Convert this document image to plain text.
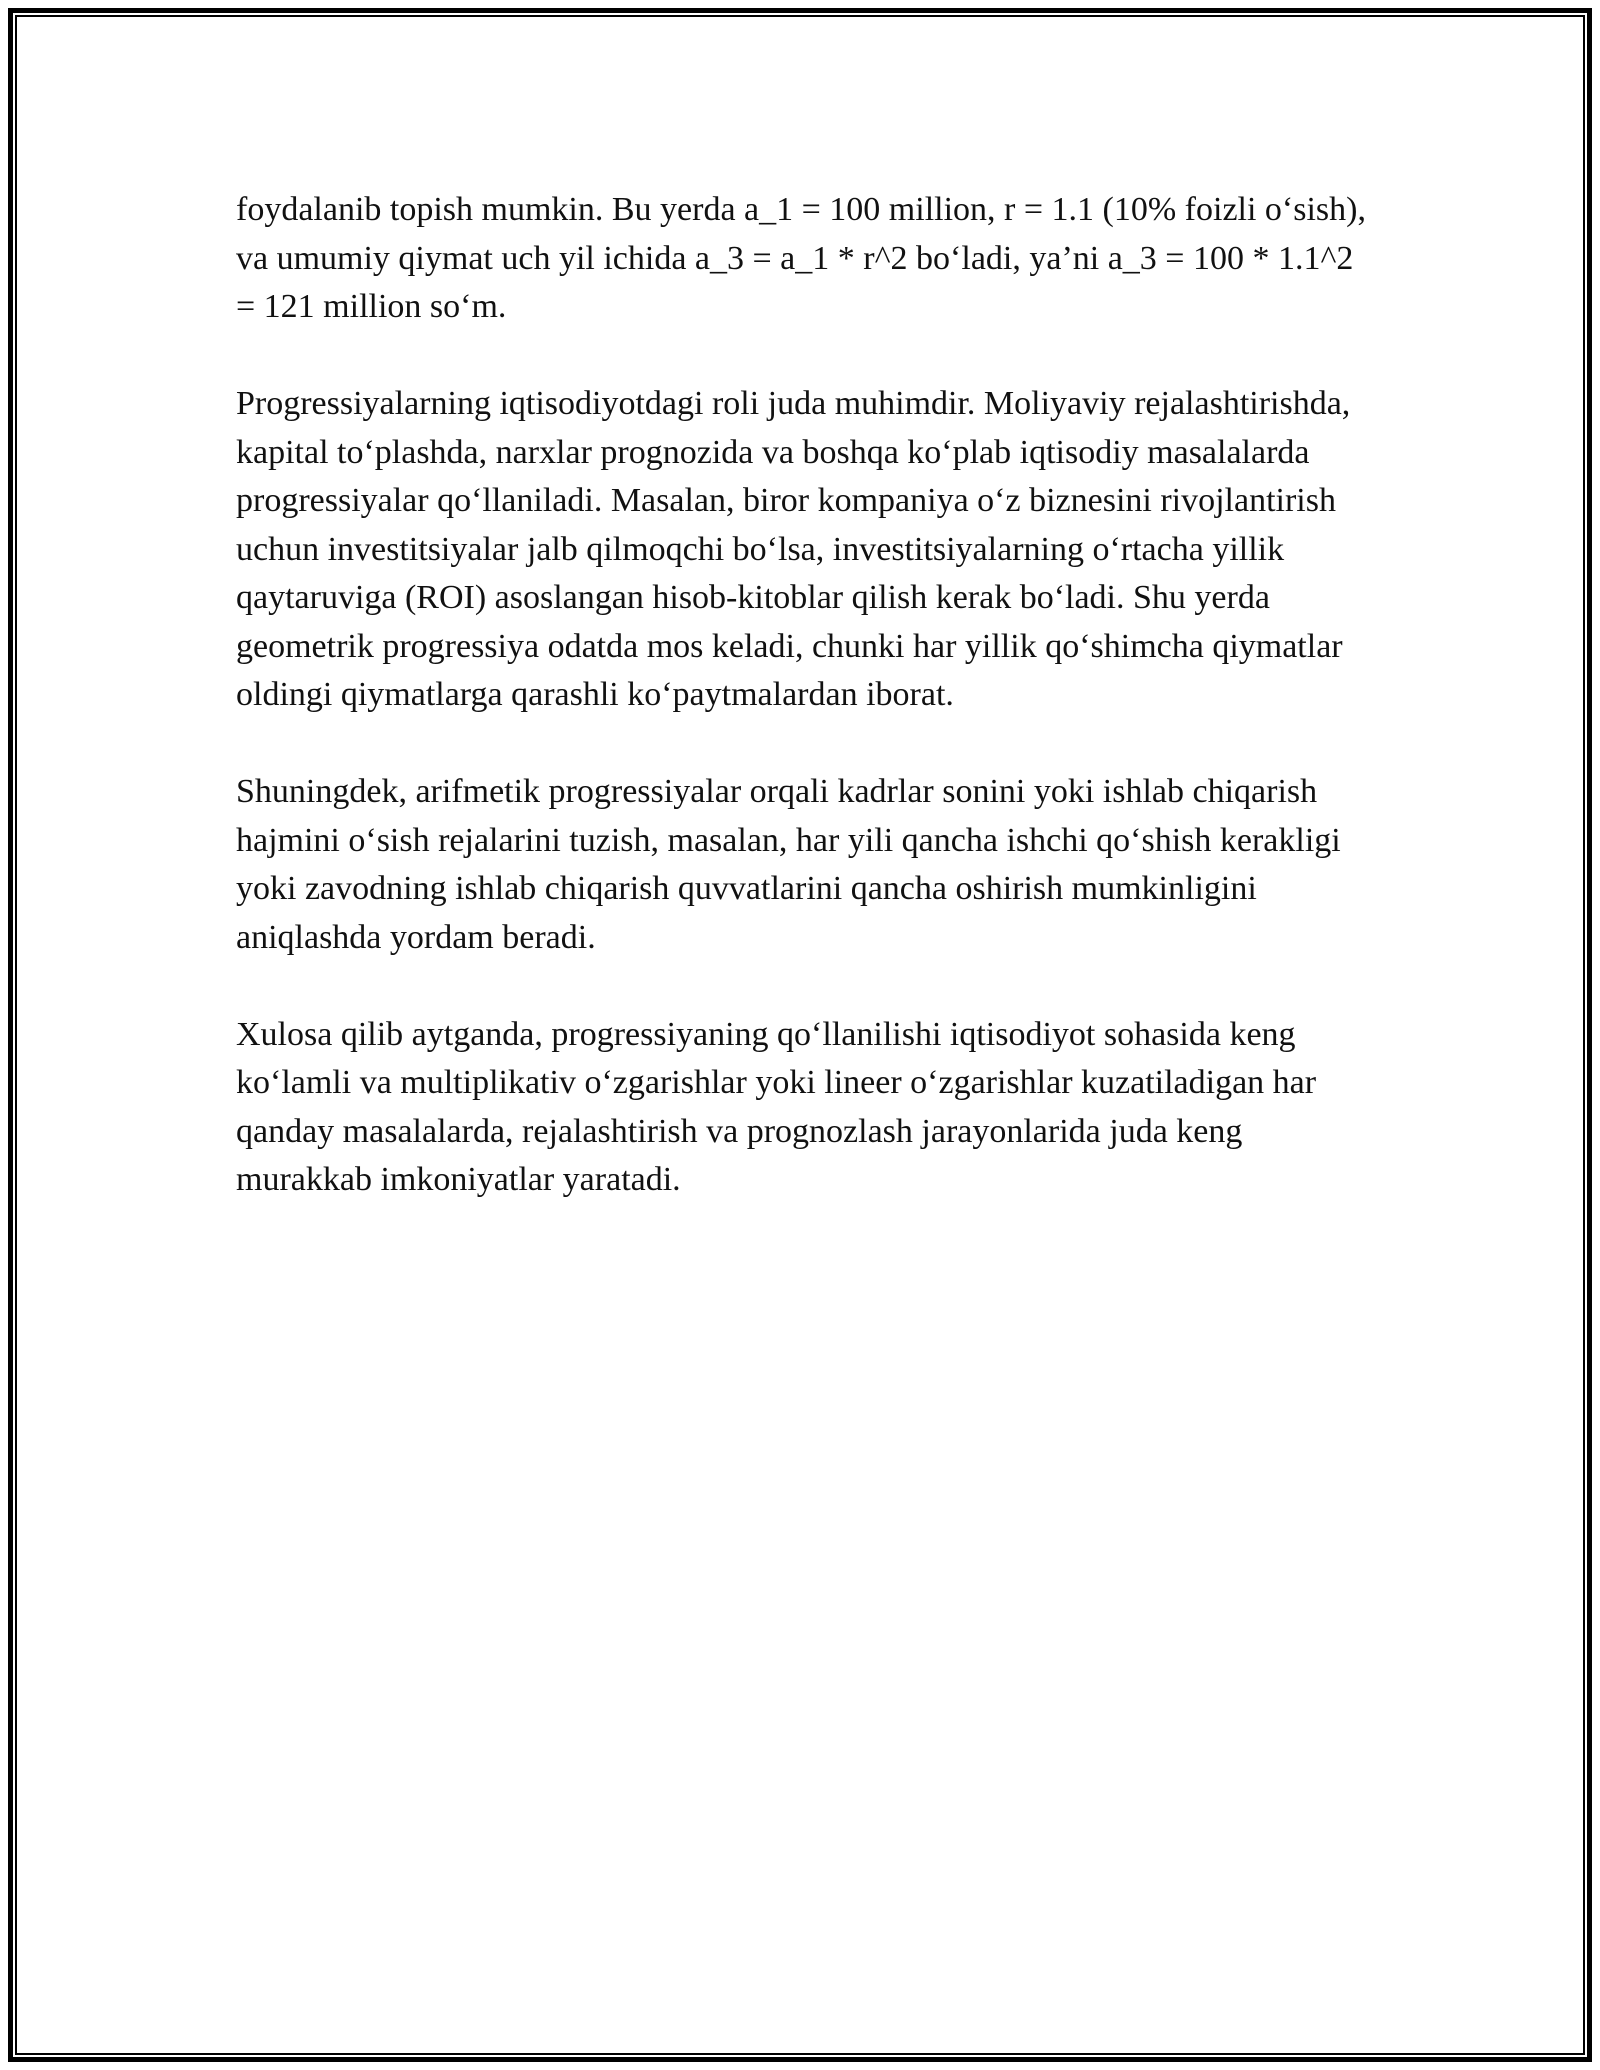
foydalanib topish mumkin. Bu yerda a_1 = 100 million, r = 1.1 (10% foizli o‘sish), va umumiy qiymat uch yil ichida a_3 = a_1 * r^2 bo‘ladi, ya’ni a_3 = 100 * 1.1^2 = 121 million so‘m.

Progressiyalarning iqtisodiyotdagi roli juda muhimdir. Moliyaviy rejalashtirishda, kapital to‘plashda, narxlar prognozida va boshqa ko‘plab iqtisodiy masalalarda progressiyalar qo‘llaniladi. Masalan, biror kompaniya o‘z biznesini rivojlantirish uchun investitsiyalar jalb qilmoqchi bo‘lsa, investitsiyalarning o‘rtacha yillik qaytaruviga (ROI) asoslangan hisob-kitoblar qilish kerak bo‘ladi. Shu yerda geometrik progressiya odatda mos keladi, chunki har yillik qo‘shimcha qiymatlar oldingi qiymatlarga qarashli ko‘paytmalardan iborat.

Shuningdek, arifmetik progressiyalar orqali kadrlar sonini yoki ishlab chiqarish hajmini o‘sish rejalarini tuzish, masalan, har yili qancha ishchi qo‘shish kerakligi yoki zavodning ishlab chiqarish quvvatlarini qancha oshirish mumkinligini aniqlashda yordam beradi.

Xulosa qilib aytganda, progressiyaning qo‘llanilishi iqtisodiyot sohasida keng ko‘lamli va multiplikativ o‘zgarishlar yoki lineer o‘zgarishlar kuzatiladigan har qanday masalalarda, rejalashtirish va prognozlash jarayonlarida juda keng murakkab imkoniyatlar yaratadi.
